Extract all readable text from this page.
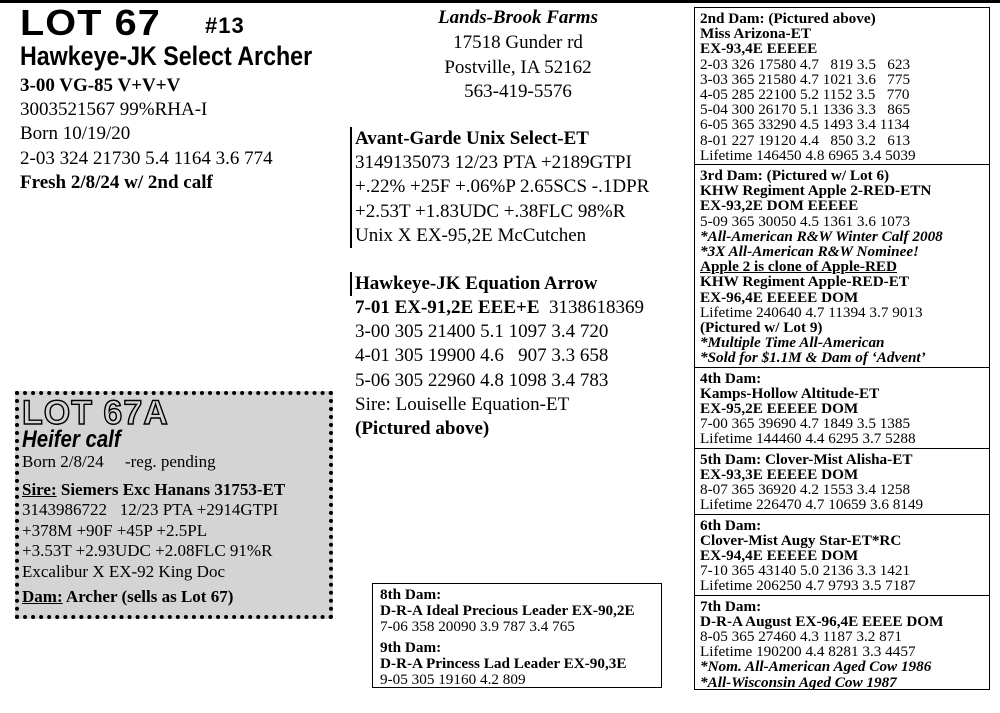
LOT 67 #13
Hawkeye-JK Select Archer
3-00 VG-85 V+V+V
3003521567 99%RHA-I
Born 10/19/20
2-03 324 21730 5.4 1164 3.6 774
Fresh 2/8/24 w/ 2nd calf
Lands-Brook Farms
17518 Gunder rd
Postville, IA 52162
563-419-5576
Avant-Garde Unix Select-ET
3149135073 12/23 PTA +2189GTPI
+.22% +25F +.06%P 2.65SCS -.1DPR
+2.53T +1.83UDC +.38FLC 98%R
Unix X EX-95,2E McCutchen
Hawkeye-JK Equation Arrow
7-01 EX-91,2E EEE+E  3138618369
3-00 305 21400 5.1 1097 3.4 720
4-01 305 19900 4.6   907 3.3 658
5-06 305 22960 4.8 1098 3.4 783
Sire: Louiselle Equation-ET
(Pictured above)
LOT 67A
Heifer calf
Born 2/8/24     -reg. pending
Sire: Siemers Exc Hanans 31753-ET
3143986722   12/23 PTA +2914GTPI
+378M +90F +45P +2.5PL
+3.53T +2.93UDC +2.08FLC 91%R
Excalibur X EX-92 King Doc
Dam: Archer (sells as Lot 67)	8th Dam:
D-R-A Ideal Precious Leader EX-90,2E
7-06 358 20090 3.9 787 3.4 765
9th Dam:
D-R-A Princess Lad Leader EX-90,3E
9-05 305 19160 4.2 809
2nd Dam: (Pictured above)
Miss Arizona-ET
EX-93,4E EEEEE
2-03 326 17580 4.7   819 3.5   623
3-03 365 21580 4.7 1021 3.6   775
4-05 285 22100 5.2 1152 3.5   770
5-04 300 26170 5.1 1336 3.3   865
6-05 365 33290 4.5 1493 3.4 1134
8-01 227 19120 4.4   850 3.2   613
Lifetime 146450 4.8 6965 3.4 5039
3rd Dam: (Pictured w/ Lot 6)
KHW Regiment Apple 2-RED-ETN
EX-93,2E DOM EEEEE
5-09 365 30050 4.5 1361 3.6 1073
*All-American R&W Winter Calf 2008
*3X All-American R&W Nominee!
Apple 2 is clone of Apple-RED
KHW Regiment Apple-RED-ET
EX-96,4E EEEEE DOM
Lifetime 240640 4.7 11394 3.7 9013
(Pictured w/ Lot 9)
*Multiple Time All-American
*Sold for $1.1M & Dam of ‘Advent’
4th Dam:
Kamps-Hollow Altitude-ET
EX-95,2E EEEEE DOM
7-00 365 39690 4.7 1849 3.5 1385
Lifetime 144460 4.4 6295 3.7 5288
5th Dam: Clover-Mist Alisha-ET
EX-93,3E EEEEE DOM
8-07 365 36920 4.2 1553 3.4 1258
Lifetime 226470 4.7 10659 3.6 8149
6th Dam:
Clover-Mist Augy Star-ET*RC
EX-94,4E EEEEE DOM
7-10 365 43140 5.0 2136 3.3 1421
Lifetime 206250 4.7 9793 3.5 7187
7th Dam:
D-R-A August EX-96,4E EEEE DOM
8-05 365 27460 4.3 1187 3.2 871
Lifetime 190200 4.4 8281 3.3 4457
*Nom. All-American Aged Cow 1986
*All-Wisconsin Aged Cow 1987
